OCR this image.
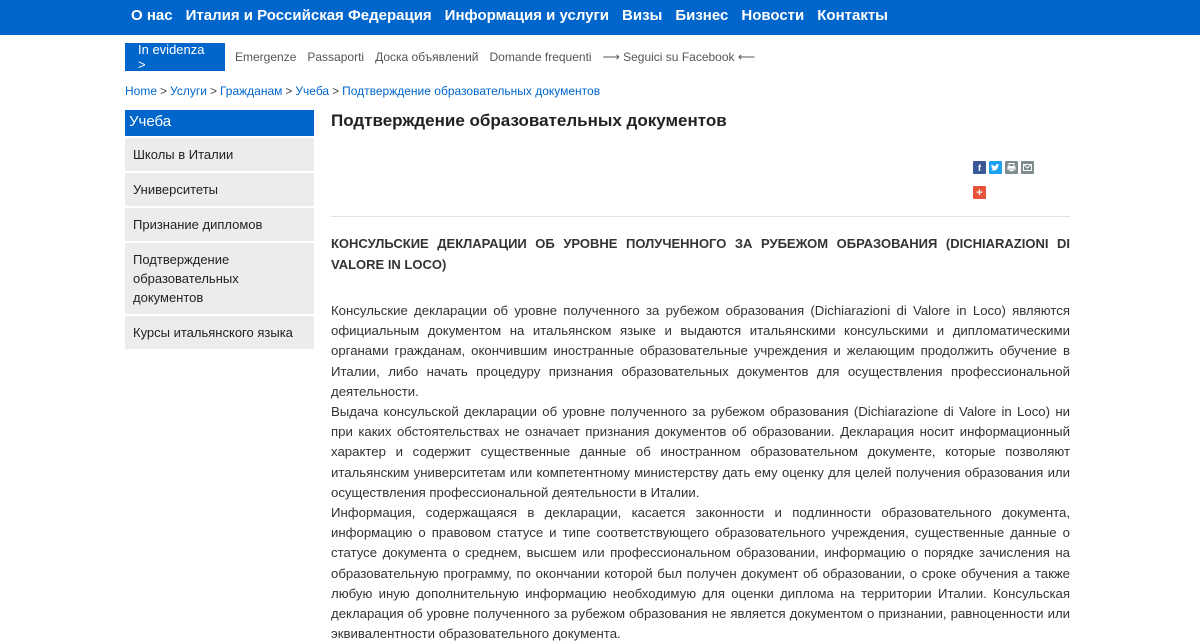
О нас Италия и Российская Федерация Информация и услуги Визы Бизнес Новости Контакты
In evidenza >	Emergenze Passaporti Доска объявлений Domande frequenti ⟶ Seguici su Facebook ⟵
Home > Услуги > Гражданам > Учеба > Подтверждение образовательных документов
Учеба
Школы в Италии
Университеты
Признание дипломов
Подтверждение образовательных документов
Курсы итальянского языка
Подтверждение образовательных документов
f
+
КОНСУЛЬСКИЕ ДЕКЛАРАЦИИ ОБ УРОВНЕ ПОЛУЧЕННОГО ЗА РУБЕЖОМ ОБРАЗОВАНИЯ (DICHIARAZIONI DI VALORE IN LOCO)

Консульские декларации об уровне полученного за рубежом образования (Dichiarazioni di Valore in Loco) являются официальным документом на итальянском языке и выдаются итальянскими консульскими и дипломатическими органами гражданам, окончившим иностранные образовательные учреждения и желающим продолжить обучение в Италии, либо начать процедуру признания образовательных документов для осуществления профессиональной деятельности.

Выдача консульской декларации об уровне полученного за рубежом образования (Dichiarazione di Valore in Loco) ни при каких обстоятельствах не означает признания документов об образовании. Декларация носит информационный характер и содержит существенные данные об иностранном образовательном документе, которые позволяют итальянским университетам или компетентному министерству дать ему оценку для целей получения образования или осуществления профессиональной деятельности в Италии.

Информация, содержащаяся в декларации, касается законности и подлинности образовательного документа, информацию о правовом статусе и типе соответствующего образовательного учреждения, существенные данные о статусе документа о среднем, высшем или профессиональном образовании, информацию о порядке зачисления на образовательную программу, по окончании которой был получен документ об образовании, о сроке обучения а также любую иную дополнительную информацию необходимую для оценки диплома на территории Италии. Консульская декларация об уровне полученного за рубежом образования не является документом о признании, равноценности или эквивалентности образовательного документа.
